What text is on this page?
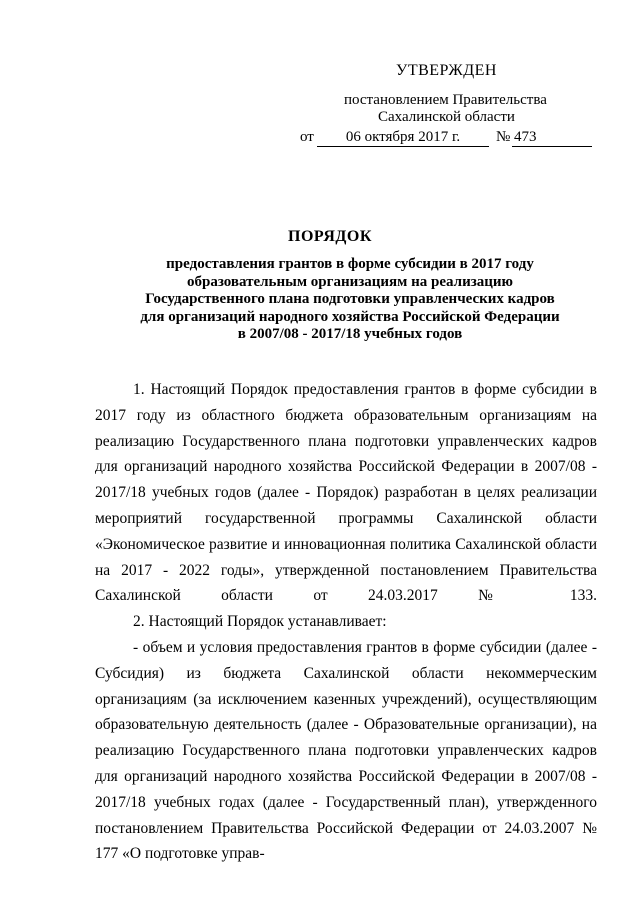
УТВЕРЖДЕН
постановлением Правительства
Сахалинской области
от	06 октября 2017 г.	№ 473
ПОРЯДОК
предоставления грантов в форме субсидии в 2017 году образовательным организациям на реализацию Государственного плана подготовки управленческих кадров для организаций народного хозяйства Российской Федерации в 2007/08 - 2017/18 учебных годов

1. Настоящий Порядок предоставления грантов в форме субсидии в 2017 году из областного бюджета образовательным организациям на реализацию Государственного плана подготовки управленческих кадров для организаций народного хозяйства Российской Федерации в 2007/08 - 2017/18 учебных годов (далее - Порядок) разработан в целях реализации мероприятий государственной программы Сахалинской области «Экономическое развитие и инновационная политика Сахалинской области на 2017 - 2022 годы», утвержденной постановлением Правительства Сахалинской области от 24.03.2017 № 133.

2. Настоящий Порядок устанавливает:

- объем и условия предоставления грантов в форме субсидии (далее - Субсидия) из бюджета Сахалинской области некоммерческим организациям (за исключением казенных учреждений), осуществляющим образовательную деятельность (далее - Образовательные организации), на реализацию Государственного плана подготовки управленческих кадров для организаций народного хозяйства Российской Федерации в 2007/08 - 2017/18 учебных годах (далее - Государственный план), утвержденного постановлением Правительства Российской Федерации от 24.03.2007 № 177 «О подготовке управ-
